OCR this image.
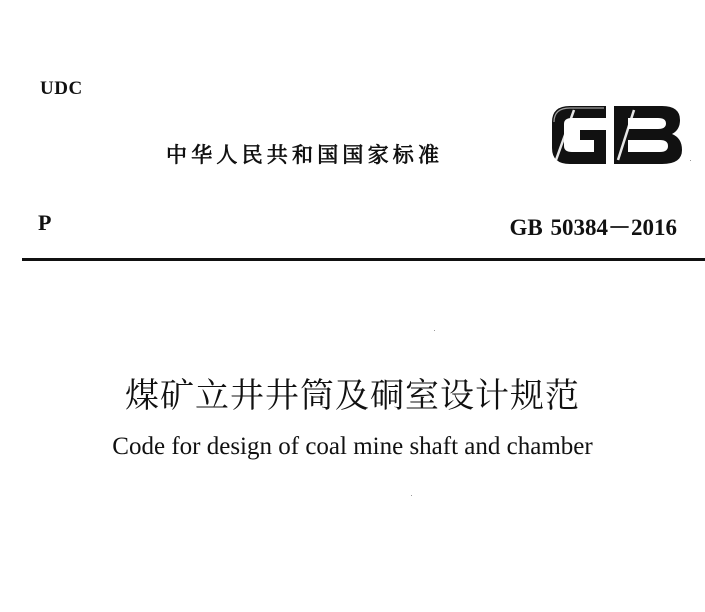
UDC
中华人民共和国国家标准
P	GB 50384－2016
煤矿立井井筒及硐室设计规范
Code for design of coal mine shaft and chamber
